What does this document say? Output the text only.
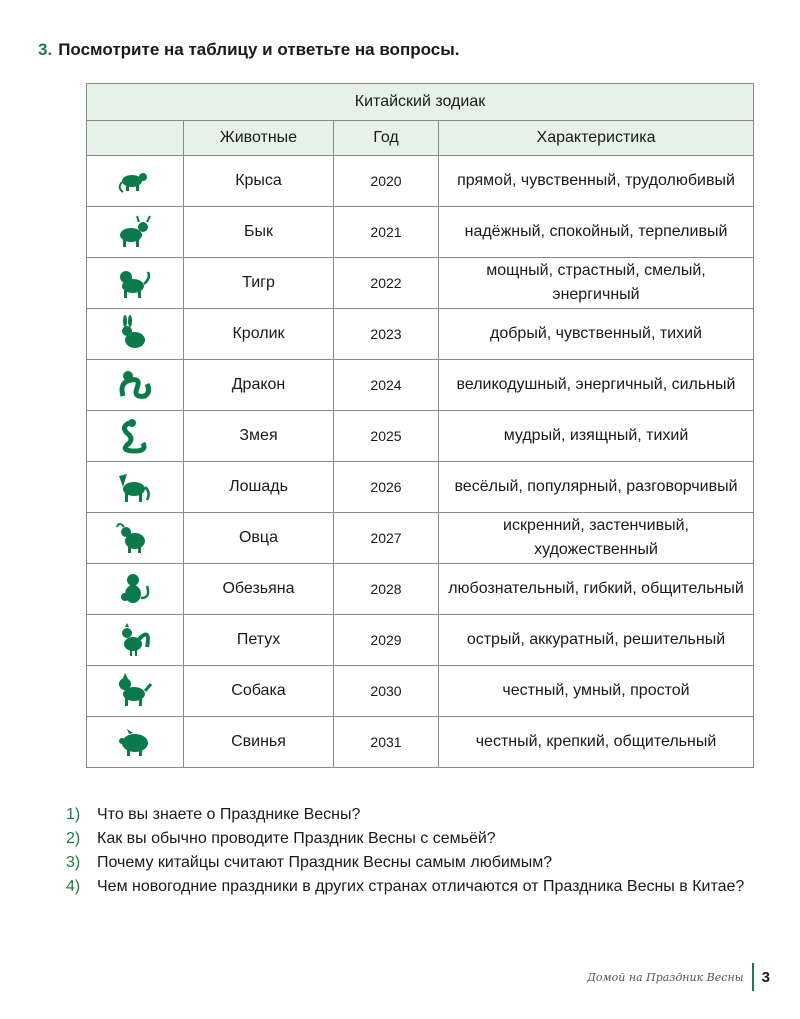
3. Посмотрите на таблицу и ответьте на вопросы.
Китайский зодиак			
	Животные	Год	Характеристика

	Крыса	2020	прямой, чувственный, трудолюбивый

	Бык	2021	надёжный, спокойный, терпеливый

	Тигр	2022	мощный, страстный, смелый, энергичный

	Кролик	2023	добрый, чувственный, тихий

	Дракон	2024	великодушный, энергичный, сильный

	Змея	2025	мудрый, изящный, тихий

	Лошадь	2026	весёлый, популярный, разговорчивый

	Овца	2027	искренний, застенчивый, художественный

	Обезьяна	2028	любознательный, гибкий, общительный

	Петух	2029	острый, аккуратный, решительный

	Собака	2030	честный, умный, простой

	Свинья	2031	честный, крепкий, общительный
1) Что вы знаете о Празднике Весны?
2) Как вы обычно проводите Праздник Весны с семьёй?
3) Почему китайцы считают Праздник Весны самым любимым?
4) Чем новогодние праздники в других странах отличаются от Праздника Весны в Китае?
Домой на Праздник Весны	3
